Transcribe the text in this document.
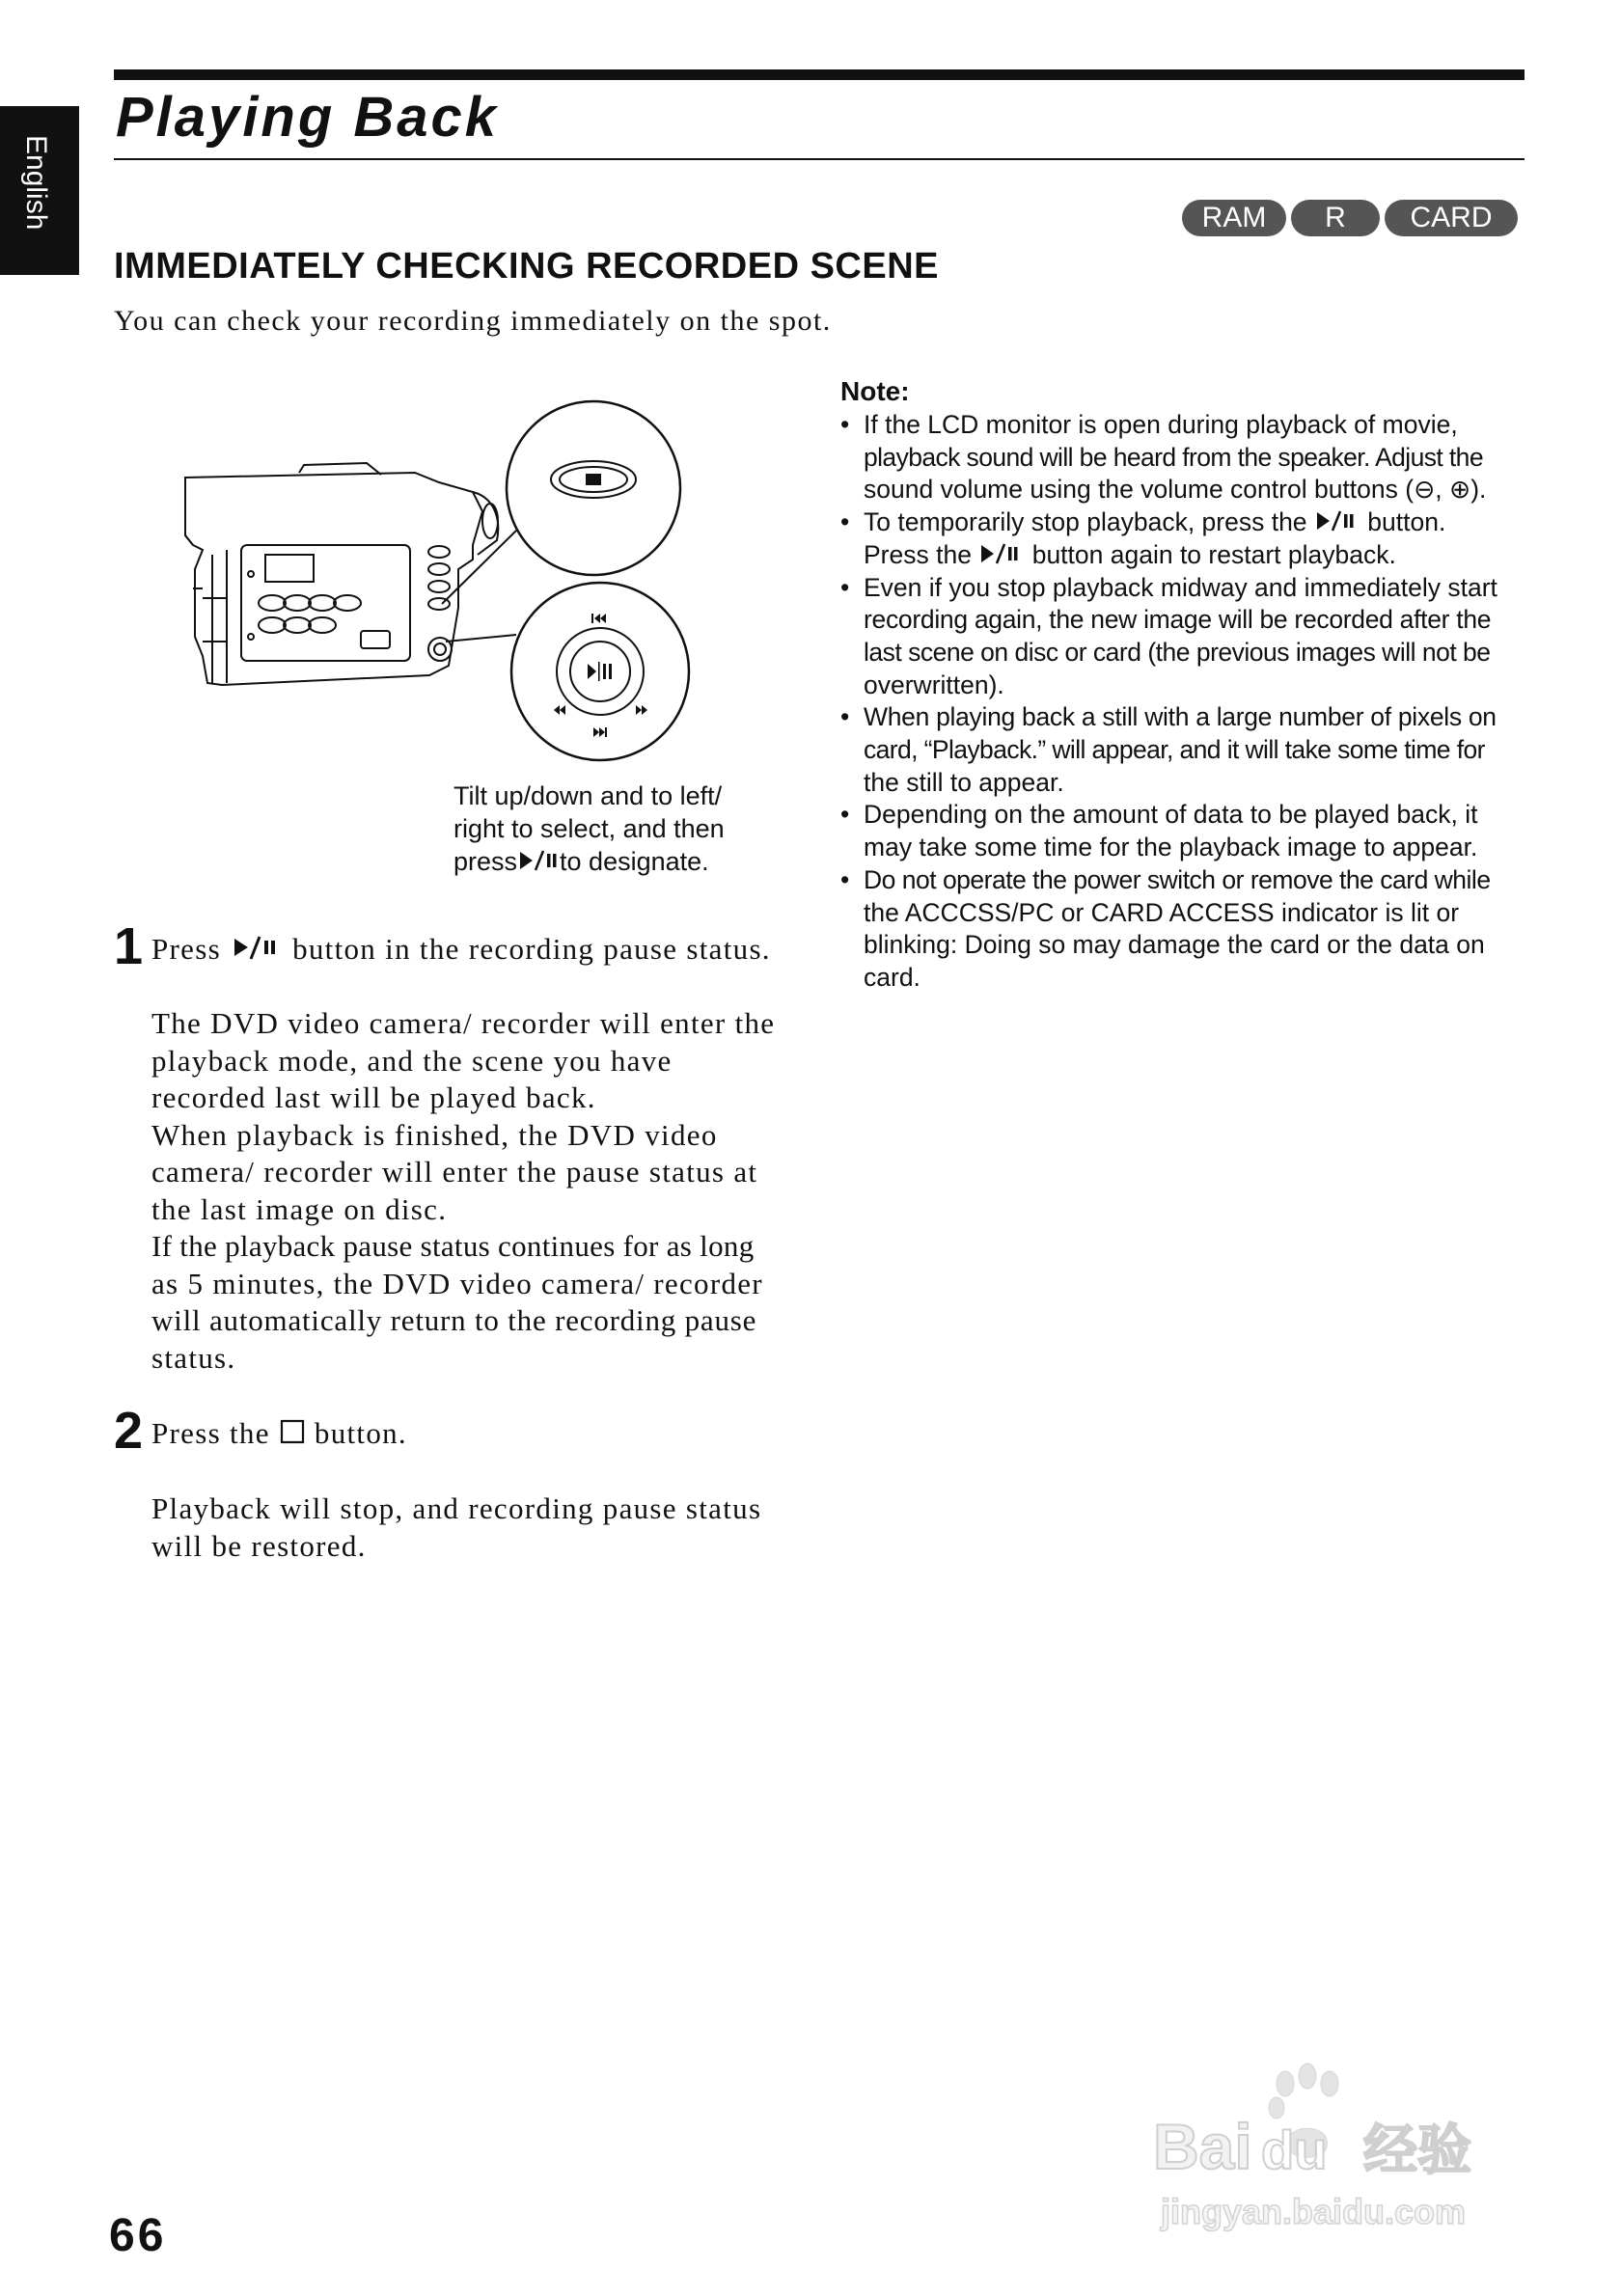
English
Playing Back
RAM	R	CARD
IMMEDIATELY CHECKING RECORDED SCENE
You can check your recording immediately on the spot.
Tilt up/down and to left/
right to select, and then
press to designate.
1 Press button in the recording pause status.
The DVD video camera/ recorder will enter the
playback mode, and the scene you have
recorded last will be played back.
When playback is finished, the DVD video
camera/ recorder will enter the pause status at
the last image on disc.
If the playback pause status continues for as long
as 5 minutes, the DVD video camera/ recorder
will automatically return to the recording pause
status.
2 Press the button.
Playback will stop, and recording pause status
will be restored.
Note:
• If the LCD monitor is open during playback of movie,
playback sound will be heard from the speaker. Adjust the
sound volume using the volume control buttons (⊖, ⊕).
• To temporarily stop playback, press the button.
Press the button again to restart playback.
• Even if you stop playback midway and immediately start
recording again, the new image will be recorded after the
last scene on disc or card (the previous images will not be
overwritten).
• When playing back a still with a large number of pixels on
card, “Playback.” will appear, and it will take some time for
the still to appear.
• Depending on the amount of data to be played back, it
may take some time for the playback image to appear.
• Do not operate the power switch or remove the card while
the ACCCSS/PC or CARD ACCESS indicator is lit or
blinking: Doing so may damage the card or the data on
card.
66
Bai du 经验
jingyan.baidu.com
